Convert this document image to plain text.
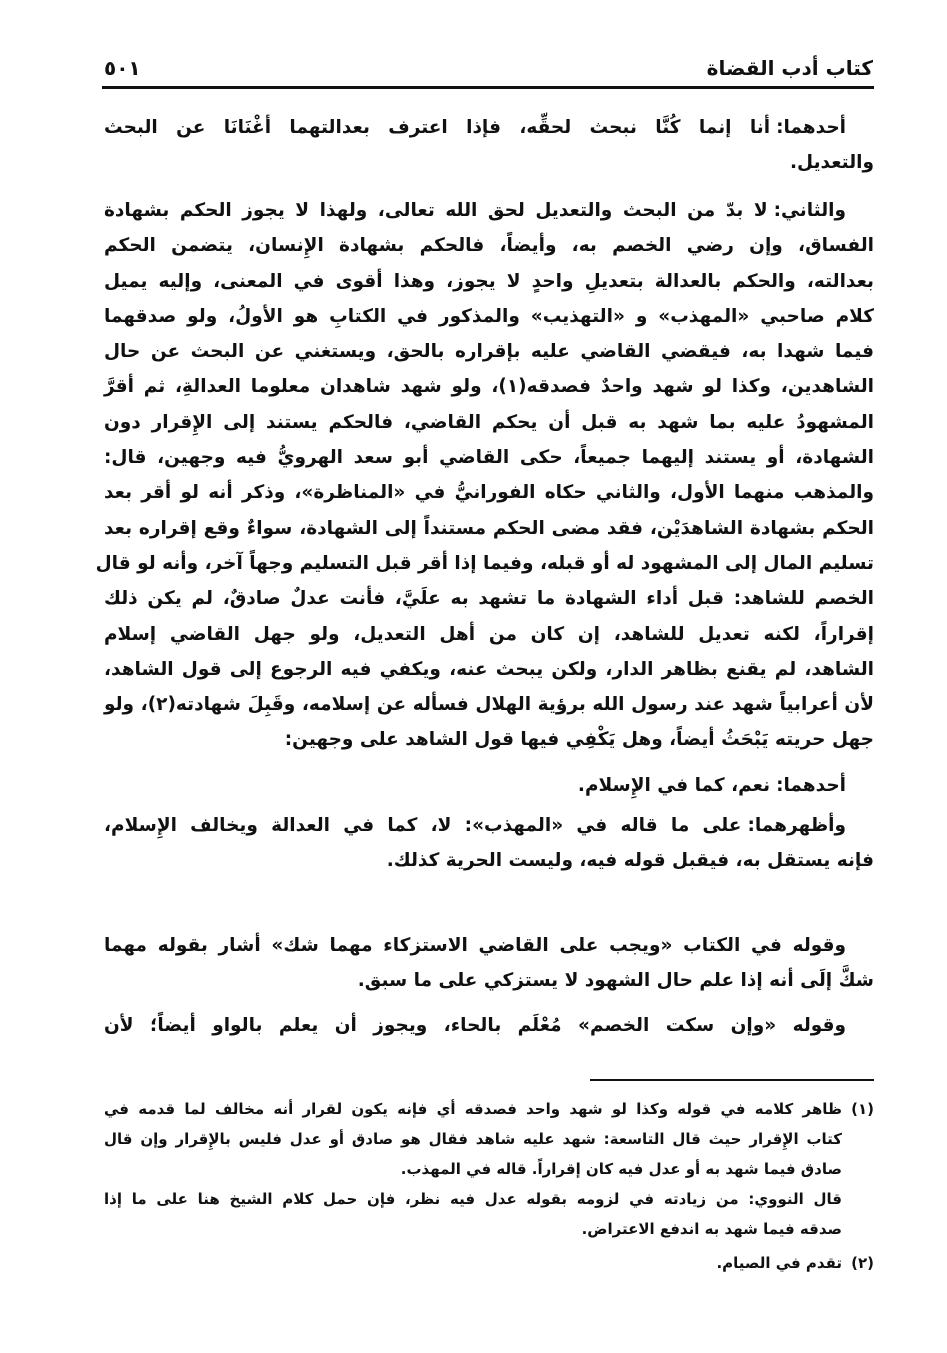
كتاب أدب القضاة
٥٠١
أحدهما:أنا إنما كُنَّا نبحث لحقِّه، فإذا اعترف بعدالتهما أغْنَانَا عن البحث
والتعديل.
والثاني:لا بدّ من البحث والتعديل لحق الله تعالى، ولهذا لا يجوز الحكم بشهادة
الفساق، وإن رضي الخصم به، وأيضاً، فالحكم بشهادة الإِنسان، يتضمن الحكم
بعدالته، والحكم بالعدالة بتعديلِ واحدٍ لا يجوز، وهذا أقوى في المعنى، وإليه يميل
كلام صاحبي «المهذب» و «التهذيب» والمذكور في الكتابِ هو الأولُ، ولو صدقهما
فيما شهدا به، فيقضي القاضي عليه بإقراره بالحق، ويستغني عن البحث عن حال
الشاهدين، وكذا لو شهد واحدٌ فصدقه(١)، ولو شهد شاهدان معلوما العدالةِ، ثم أقرَّ
المشهودُ عليه بما شهد به قبل أن يحكم القاضي، فالحكم يستند إلى الإِقرار دون
الشهادة، أو يستند إليهما جميعاً، حكى القاضي أبو سعد الهرويُّ فيه وجهين، قال:
والمذهب منهما الأول، والثاني حكاه الفورانيُّ في «المناظرة»، وذكر أنه لو أقر بعد
الحكم بشهادة الشاهدَيْن، فقد مضى الحكم مستنداً إلى الشهادة، سواءٌ وقع إقراره بعد
تسليم المال إلى المشهود له أو قبله، وفيما إذا أقر قبل التسليم وجهاً آخر، وأنه لو قال
الخصم للشاهد: قبل أداء الشهادة ما تشهد به علَيَّ، فأنت عدلٌ صادقٌ، لم يكن ذلك
إقراراً، لكنه تعديل للشاهد، إن كان من أهل التعديل، ولو جهل القاضي إسلام
الشاهد، لم يقنع بظاهر الدار، ولكن يبحث عنه، ويكفي فيه الرجوع إلى قول الشاهد،
لأن أعرابياً شهد عند رسول الله برؤية الهلال فسأله عن إسلامه، وقَبِلَ شهادته(٢)، ولو
جهل حريته يَبْحَثُ أيضاً، وهل يَكْفِي فيها قول الشاهد على وجهين:
أحدهما:نعم، كما في الإِسلام.
وأظهرهما:على ما قاله في «المهذب»: لا، كما في العدالة ويخالف الإِسلام،
فإنه يستقل به، فيقبل قوله فيه، وليست الحرية كذلك.
وقوله في الكتاب «ويجب على القاضي الاستزكاء مهما شك» أشار بقوله مهما
شكَّ إلَى أنه إذا علم حال الشهود لا يستزكي على ما سبق.
وقوله «وإن سكت الخصم» مُعْلَم بالحاء، ويجوز أن يعلم بالواو أيضاً؛ لأن
(١)
ظاهر كلامه في قوله وكذا لو شهد واحد فصدقه أي فإنه يكون لقرار أنه مخالف لما قدمه في
كتاب الإِقرار حيث قال التاسعة: شهد عليه شاهد فقال هو صادق أو عدل فليس بالإِقرار وإن قال
صادق فيما شهد به أو عدل فيه كان إقراراً. قاله في المهذب.
قال النووي: من زيادته في لزومه بقوله عدل فيه نظر، فإن حمل كلام الشيخ هنا على ما إذا
صدقه فيما شهد به اندفع الاعتراض.
(٢)
تقدم في الصيام.
